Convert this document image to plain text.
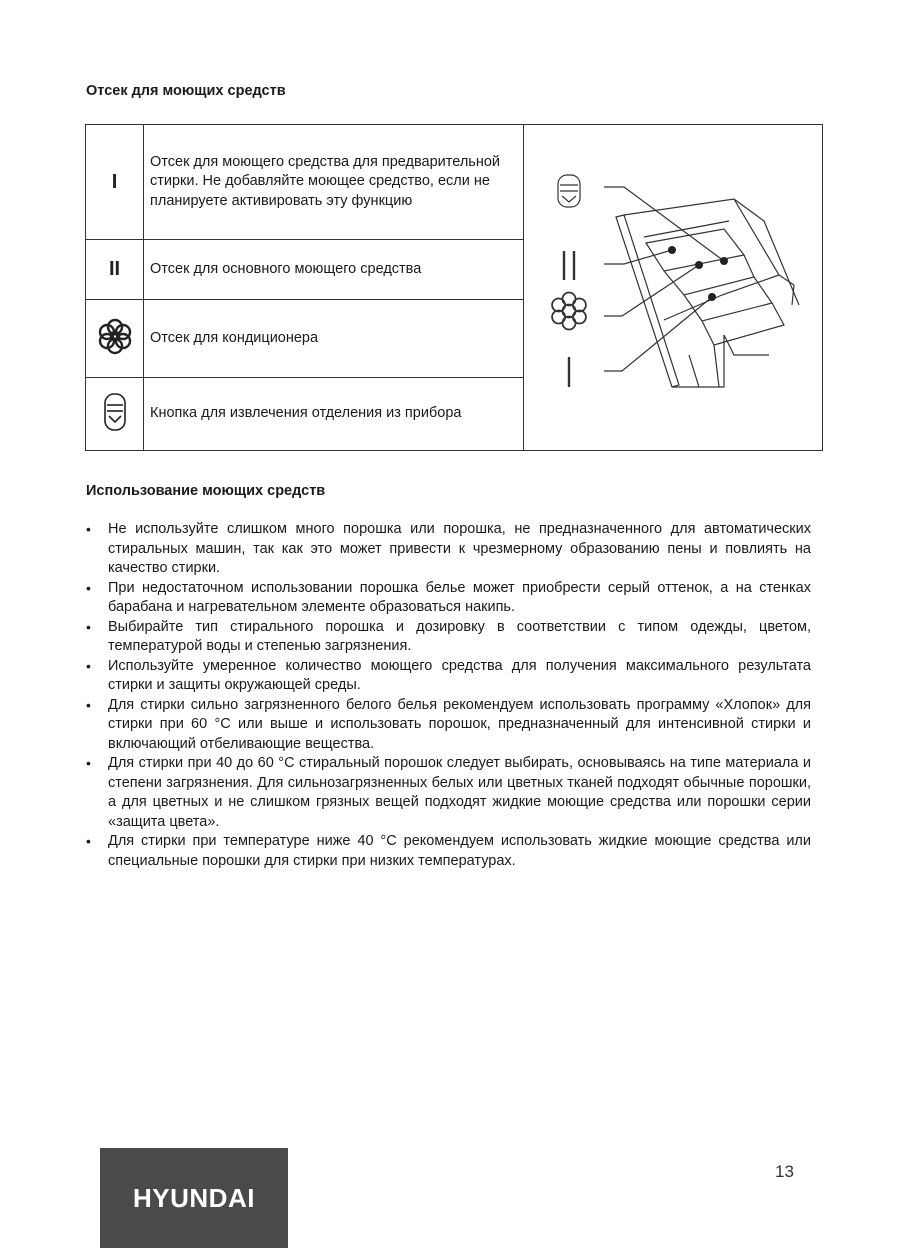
Отсек для моющих средств
I	Отсек для моющего средства для предварительной стирки. Не добавляйте моющее средство, если не планируете активировать эту функцию	
II	Отсек для основного моющего средства	
	Отсек для кондиционера	
	Кнопка для извлечения отделения из прибора	
Использование моющих средств
• Не используйте слишком много порошка или порошка, не предназначенного для автоматических стиральных машин, так как это может привести к чрезмерному образованию пены и повлиять на качество стирки.
• При недостаточном использовании порошка белье может приобрести серый оттенок, а на стенках барабана и нагревательном элементе образоваться накипь.
• Выбирайте тип стирального порошка и дозировку в соответствии с типом одежды, цветом, температурой воды и степенью загрязнения.
• Используйте умеренное количество моющего средства для получения максимального результата стирки и защиты окружающей среды.
• Для стирки сильно загрязненного белого белья рекомендуем использовать программу «Хлопок» для стирки при 60 °C или выше и использовать порошок, предназначенный для интенсивной стирки и включающий отбеливающие вещества.
• Для стирки при 40 до 60 °C стиральный порошок следует выбирать, основываясь на типе материала и степени загрязнения. Для сильнозагрязненных белых или цветных тканей подходят обычные порошки, а для цветных и не слишком грязных вещей подходят жидкие моющие средства или порошки серии «защита цвета».
• Для стирки при температуре ниже 40 °C рекомендуем использовать жидкие моющие средства или специальные порошки для стирки при низких температурах.
HYUNDAI
13
